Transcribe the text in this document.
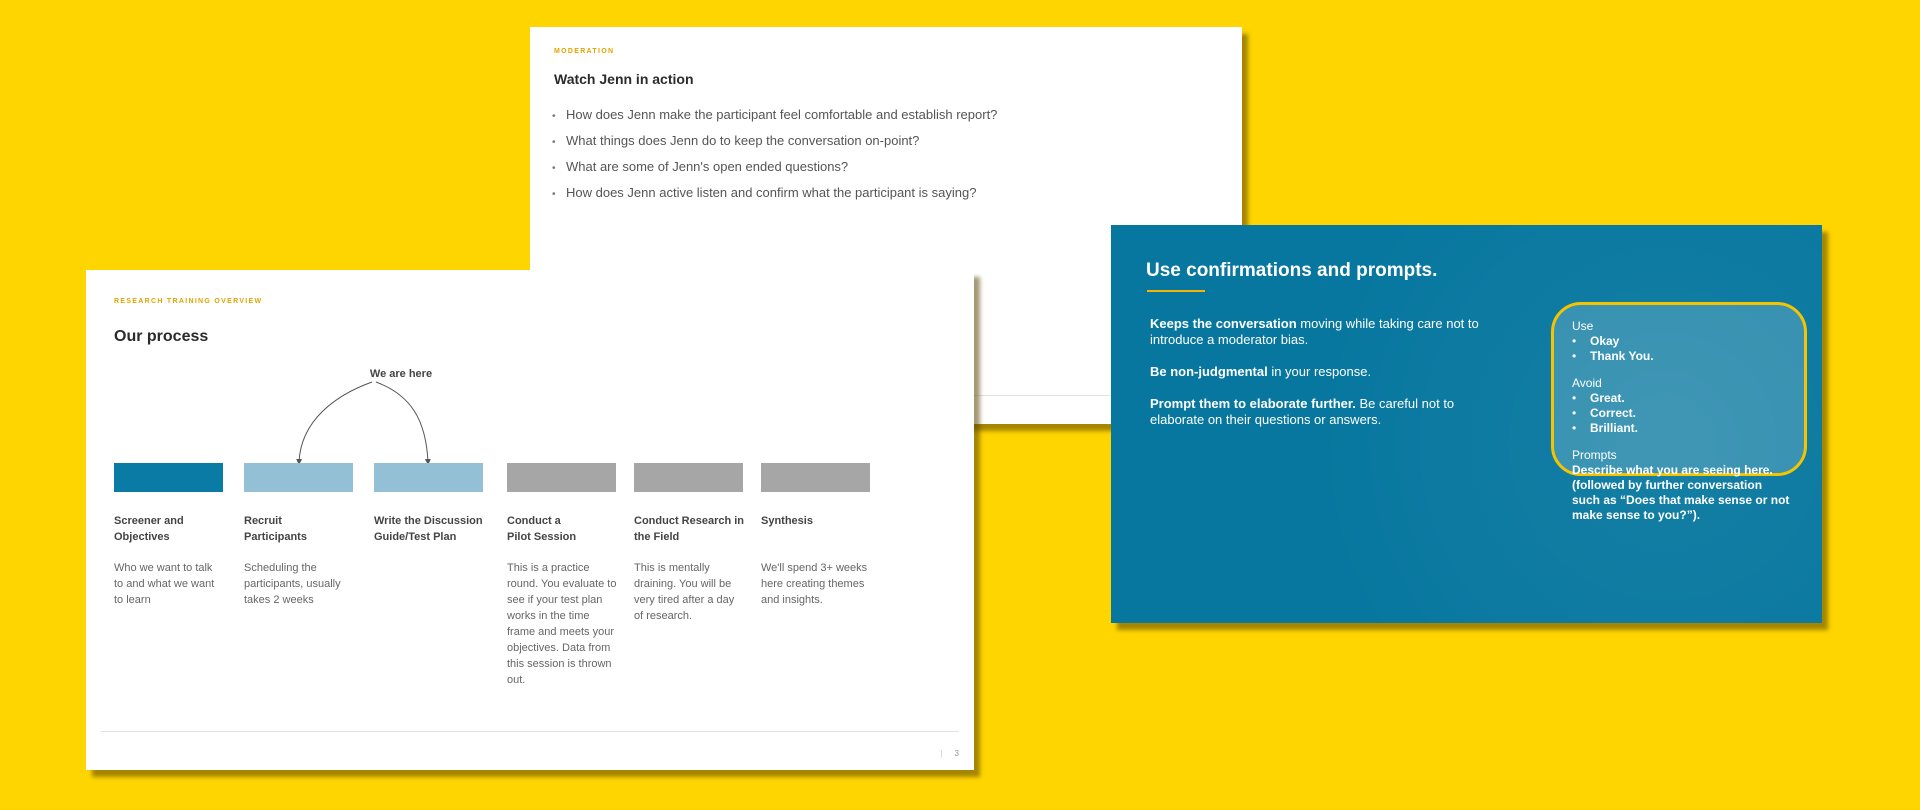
MODERATION
Watch Jenn in action
• How does Jenn make the participant feel comfortable and establish report?
• What things does Jenn do to keep the conversation on-point?
• What are some of Jenn's open ended questions?
• How does Jenn active listen and confirm what the participant is saying?
RESEARCH TRAINING OVERVIEW
Our process
We are here
Screener and
Objectives
Who we want to talk
to and what we want
to learn
Recruit
Participants
Scheduling the
participants, usually
takes 2 weeks
Write the Discussion
Guide/Test Plan
Conduct a
Pilot Session
This is a practice
round. You evaluate to
see if your test plan
works in the time
frame and meets your
objectives. Data from
this session is thrown
out.
Conduct Research in
the Field
This is mentally
draining. You will be
very tired after a day
of research.
Synthesis
We'll spend 3+ weeks
here creating themes
and insights.
| 3
Use confirmations and prompts.
Keeps the conversation moving while taking care not to introduce a moderator bias.
Be non-judgmental in your response.
Prompt them to elaborate further. Be careful not to elaborate on their questions or answers.
Use
• Okay
• Thank You.
Avoid
• Great.
• Correct.
• Brilliant.
Prompts
Describe what you are seeing here. (followed by further conversation such as “Does that make sense or not make sense to you?”).
